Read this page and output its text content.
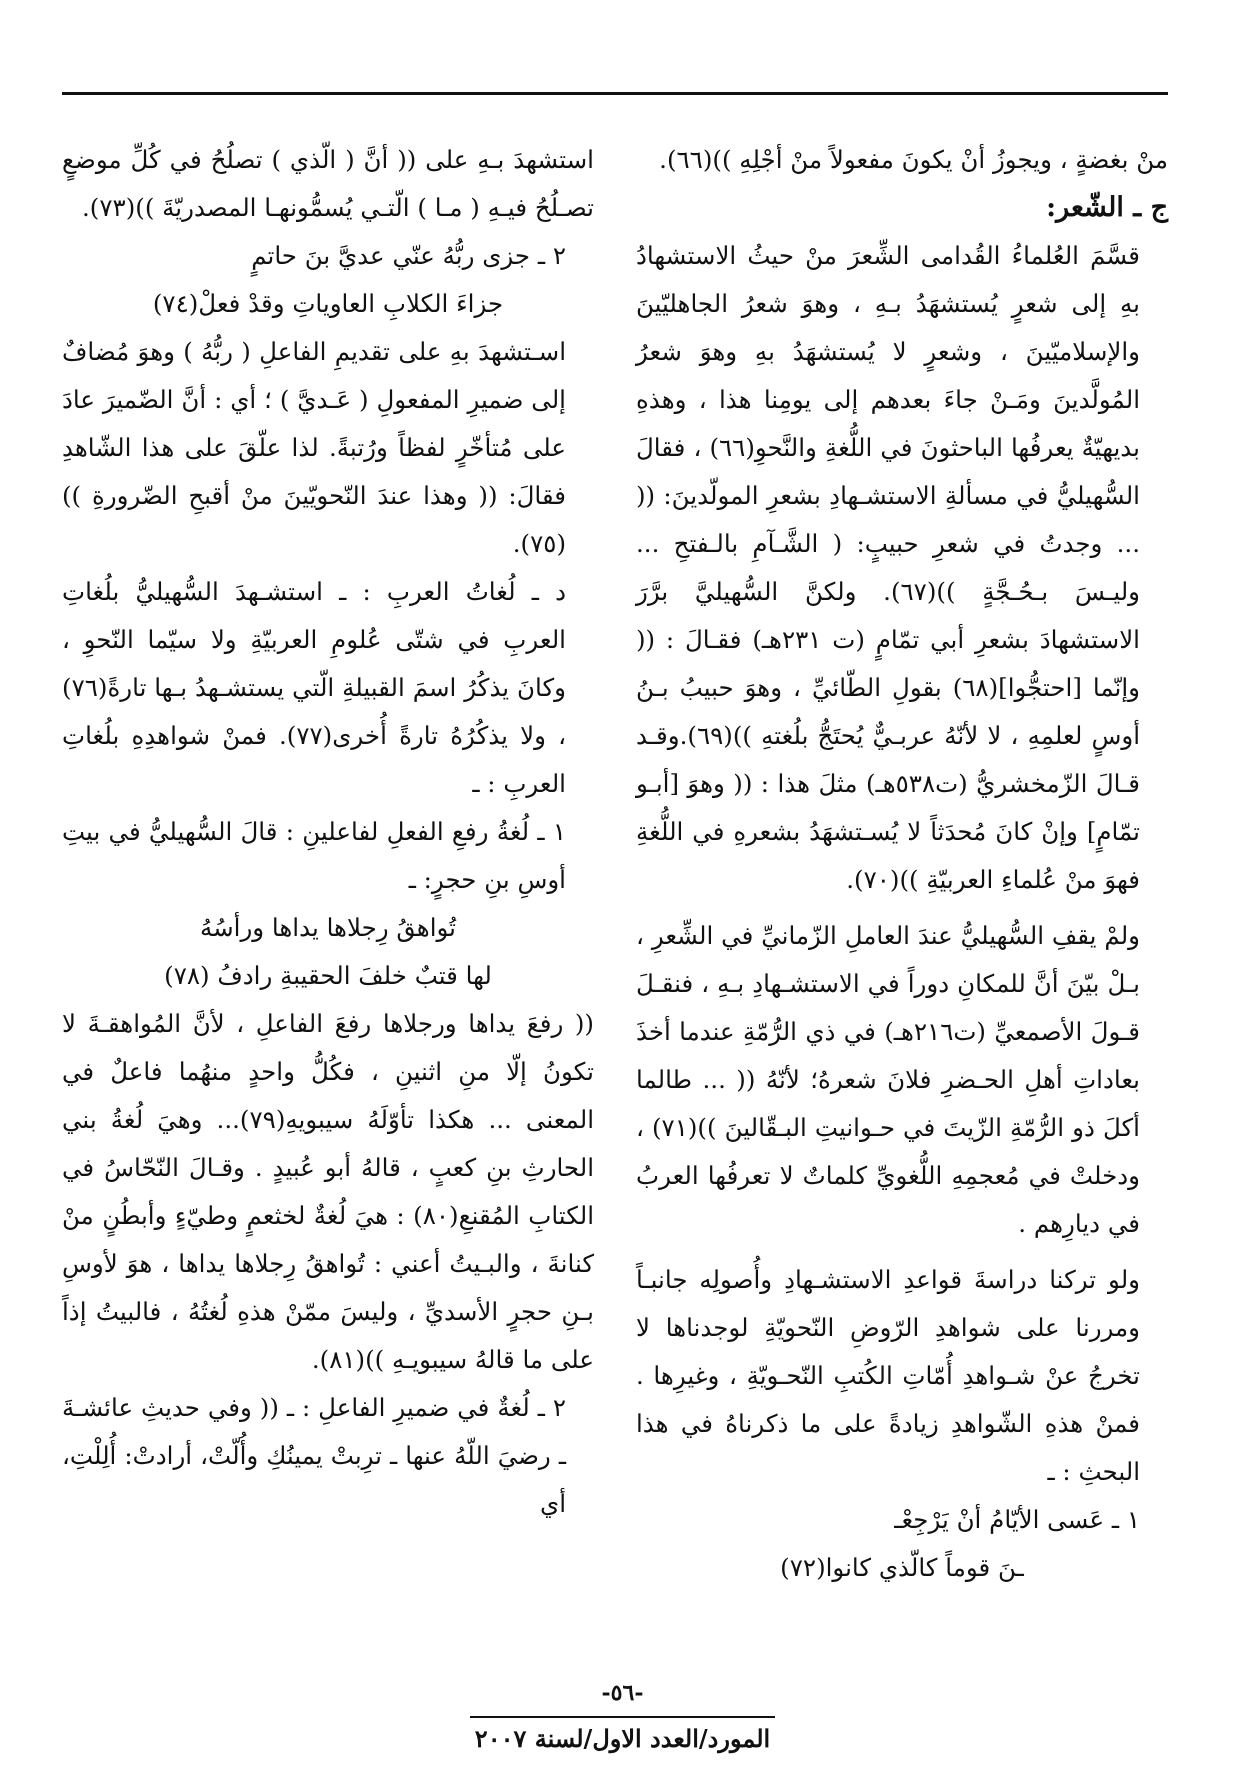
منْ بغضةٍ ، ويجوزُ أنْ يكونَ مفعولاً منْ أجْلِهِ ))(٦٦).

ج ـ الشّعر:

قسَّمَ العُلماءُ القُدامى الشِّعرَ منْ حيثُ الاستشهادُ بهِ إلى شعرٍ يُستشهَدُ بـهِ ، وهوَ شعرُ الجاهليّينَ والإسلاميّينَ ، وشعرٍ لا يُستشهَدُ بهِ وهوَ شعرُ المُولَّدينَ ومَـنْ جاءَ بعدهم إلى يومِنا هذا ، وهذهِ بديهيّةٌ يعرفُها الباحثونَ في اللُّغةِ والنَّحوِ(٦٦) ، فقالَ السُّهيليُّ في مسألةِ الاستشـهادِ بشعرِ المولّدينَ: (( ... وجدتُ في شعرِ حبيبٍ: ( الشَّـآمِ بالـفتحِ ... وليـسَ بـحُـجَّةٍ ))(٦٧). ولكنَّ السُّهيليَّ برَّرَ الاستشهادَ بشعرِ أبي تمّامٍ (ت ٢٣١هـ) فقـالَ : (( وإنّما [احتجُّوا](٦٨) بقولِ الطّائيِّ ، وهوَ حبيبُ بـنُ أوسٍ لعلمِهِ ، لا لأنّهُ عربـيٌّ يُحتَجُّ بلُغتهِ ))(٦٩).وقـد قـالَ الزّمخشريُّ (ت٥٣٨هـ) مثلَ هذا : (( وهوَ [أبـو تمّامٍ] وإنْ كانَ مُحدَثاً لا يُسـتشهَدُ بشعرهِ في اللُّغةِ فهوَ منْ عُلماءِ العربيّةِ ))(٧٠).

ولمْ يقفِ السُّهيليُّ عندَ العاملِ الزّمانيِّ في الشِّعرِ ، بـلْ بيّنَ أنَّ للمكانِ دوراً في الاستشـهادِ بـهِ ، فنقـلَ قـولَ الأصمعيِّ (ت٢١٦هـ) في ذي الرُّمّةِ عندما أخذَ بعاداتِ أهلِ الحـضرِ فلانَ شعرهُ؛ لأنّهُ (( ... طالما أكلَ ذو الرُّمّةِ الزّيتَ في حـوانيتِ البـقّالينَ ))(٧١) ، ودخلتْ في مُعجمِهِ اللُّغويِّ كلماتٌ لا تعرفُها العربُ في ديارِهم .

ولو تركنا دراسةَ قواعدِ الاستشـهادِ وأُصولِه جانبـاً ومررنا على شواهدِ الرّوضِ النّحويّةِ لوجدناها لا تخرجُ عنْ شـواهدِ أُمّاتِ الكُتبِ النّحـويّةِ ، وغيرِها . فمنْ هذهِ الشّواهدِ زيادةً على ما ذكرناهُ في هذا البحثِ : ـ

١ ـ عَسى الأيّامُ أنْ يَرْجِعْـ

ـنَ قوماً كالّذي كانوا(٧٢)

استشهدَ بـهِ على (( أنَّ ( الّذي ) تصلُحُ في كُلِّ موضعٍ تصـلُحُ فيـهِ ( مـا ) الّتـي يُسمُّونهـا المصدريّةَ ))(٧٣).

٢ ـ جزى ربُّهُ عنّي عديَّ بنَ حاتمٍ

جزاءَ الكلابِ العاوياتِ وقدْ فعلْ(٧٤)

اسـتشهدَ بهِ على تقديمِ الفاعلِ ( ربُّهُ ) وهوَ مُضافٌ إلى ضميرِ المفعولِ ( عَـديَّ ) ؛ أي : أنَّ الضّميرَ عادَ على مُتأخّرٍ لفظاً ورُتبةً. لذا علّقَ على هذا الشّاهدِ فقالَ: (( وهذا عندَ النّحويّينَ منْ أقبحِ الضّرورةِ ))(٧٥).

د ـ لُغاتُ العربِ : ـ استشـهدَ السُّهيليُّ بلُغاتِ العربِ في شتّى عُلومِ العربيّةِ ولا سيّما النّحوِ ، وكانَ يذكُرُ اسمَ القبيلةِ الّتي يستشـهدُ بـها تارةً(٧٦) ، ولا يذكُرُهُ تارةً أُخرى(٧٧). فمنْ شواهدِهِ بلُغاتِ العربِ : ـ

١ ـ لُغةُ رفعِ الفعلِ لفاعلينِ : قالَ السُّهيليُّ في بيتِ أوسِ بنِ حجرٍ: ـ

تُواهقُ رِجلاها يداها ورأسُهُ

لها قتبٌ خلفَ الحقيبةِ رادفُ (٧٨)

(( رفعَ يداها ورجلاها رفعَ الفاعلِ ، لأنَّ المُواهقـةَ لا تكونُ إلّا منِ اثنينِ ، فكُلُّ واحدٍ منهُما فاعلٌ في المعنى ... هكذا تأوّلَهُ سيبويهِ(٧٩)... وهيَ لُغةُ بني الحارثِ بنِ كعبٍ ، قالهُ أبو عُبيدٍ . وقـالَ النّحّاسُ في الكتابِ المُقنعِ(٨٠) : هيَ لُغةٌ لخثعمٍ وطيّءٍ وأبطُنٍ منْ كنانةَ ، والبـيتُ أعني : تُواهقُ رِجلاها يداها ، هوَ لأوسِ بـنِ حجرٍ الأسديِّ ، وليسَ ممّنْ هذهِ لُغتُهُ ، فالبيتُ إذاً على ما قالهُ سيبويـهِ ))(٨١).

٢ ـ لُغةٌ في ضميرِ الفاعلِ : ـ (( وفي حديثِ عائشـةَ ـ رضيَ اللّهُ عنها ـ ترِبتْ يمينُكِ وأُلّتْ، أرادتْ: أُلِلْتِ، أي

-٥٦-
المورد/العدد الاول/لسنة ٢٠٠٧
